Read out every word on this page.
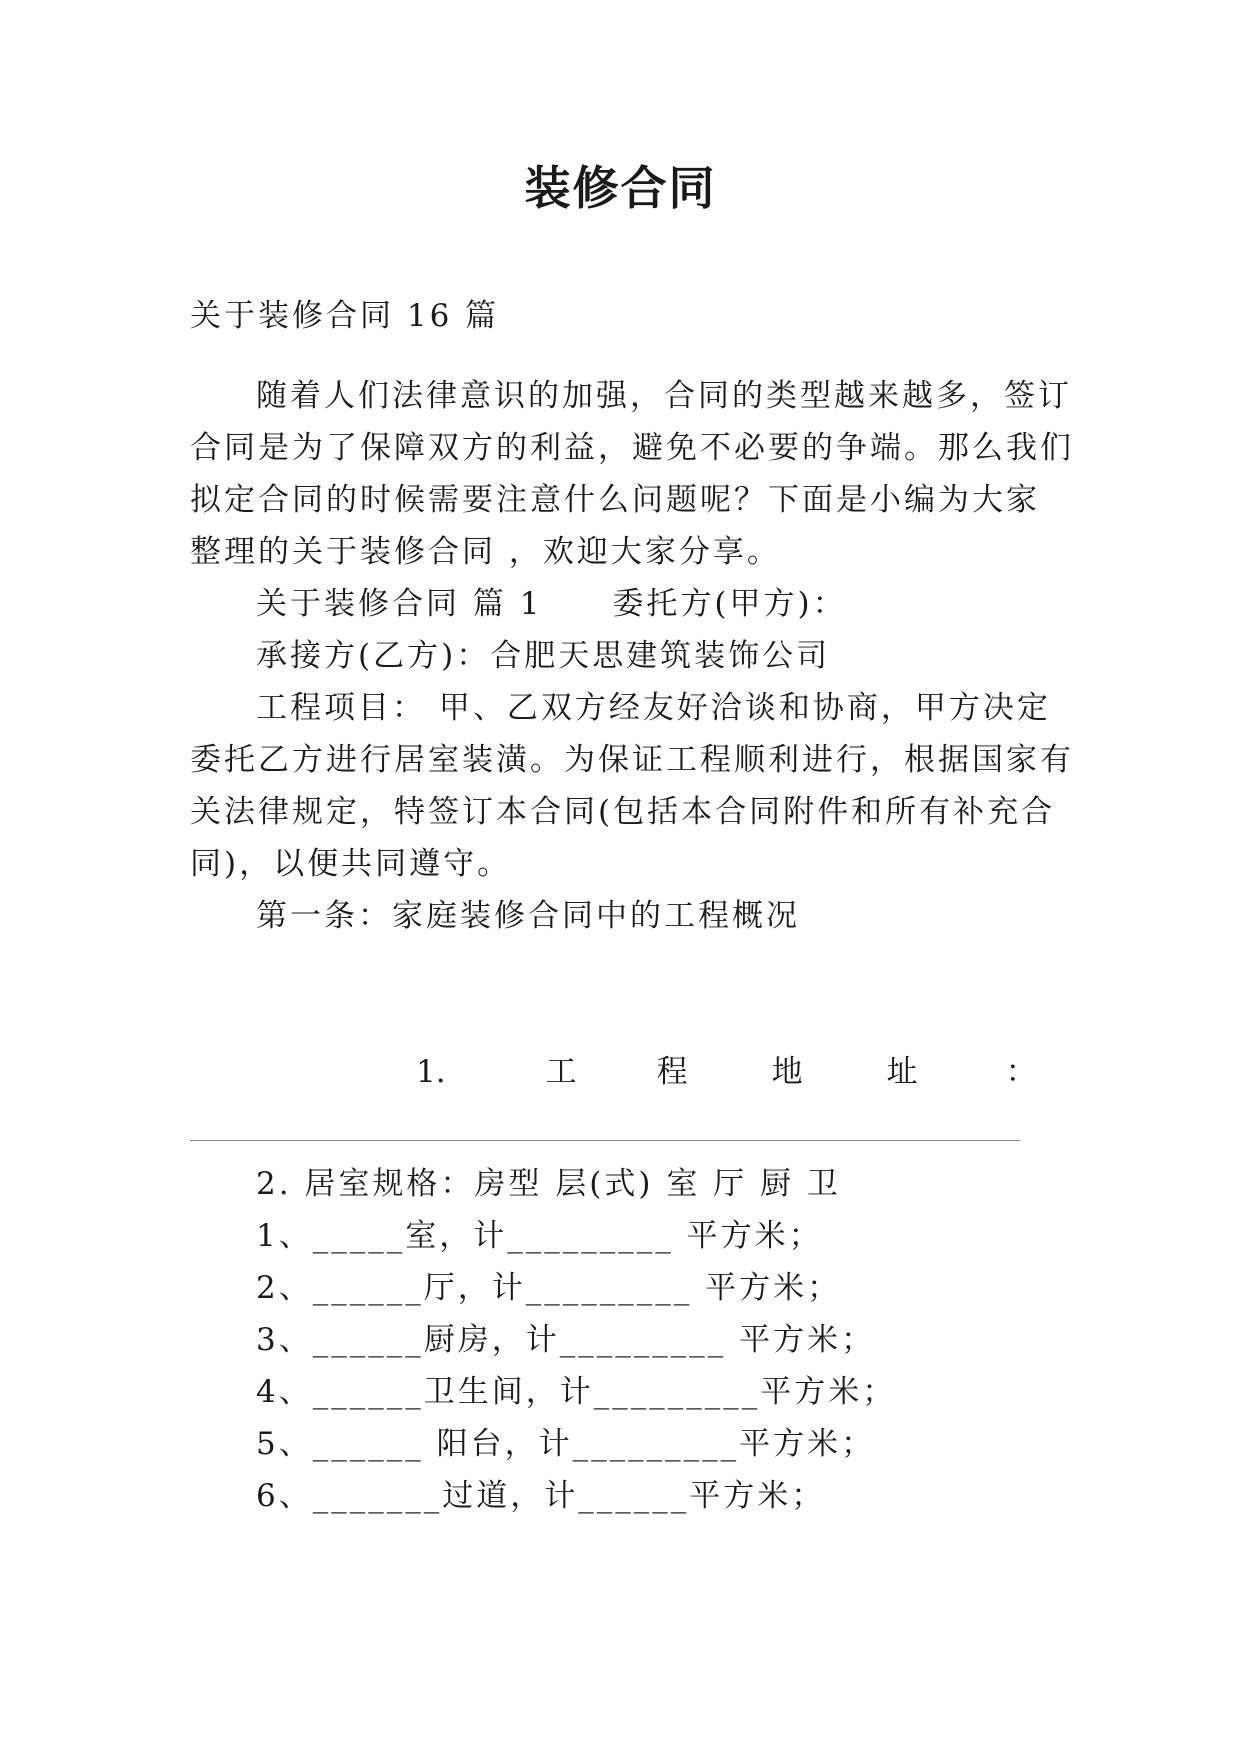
装修合同
关于装修合同 16 篇
随着人们法律意识的加强，合同的类型越来越多，签订
合同是为了保障双方的利益，避免不必要的争端。那么我们
拟定合同的时候需要注意什么问题呢？下面是小编为大家
整理的关于装修合同 ，欢迎大家分享。
关于装修合同 篇 1 委托方(甲方)：
承接方(乙方)：合肥天思建筑装饰公司
工程项目： 甲、乙双方经友好洽谈和协商，甲方决定
委托乙方进行居室装潢。为保证工程顺利进行，根据国家有
关法律规定，特签订本合同(包括本合同附件和所有补充合
同)，以便共同遵守。
第一条：家庭装修合同中的工程概况
1.	工	程	地	址	：
2. 居室规格：房型 层(式) 室 厅 厨 卫
1、_____室，计_________ 平方米；
2、______厅，计_________ 平方米；
3、______厨房，计_________ 平方米；
4、______卫生间，计_________平方米；
5、______ 阳台，计_________平方米；
6、_______过道，计______平方米；
